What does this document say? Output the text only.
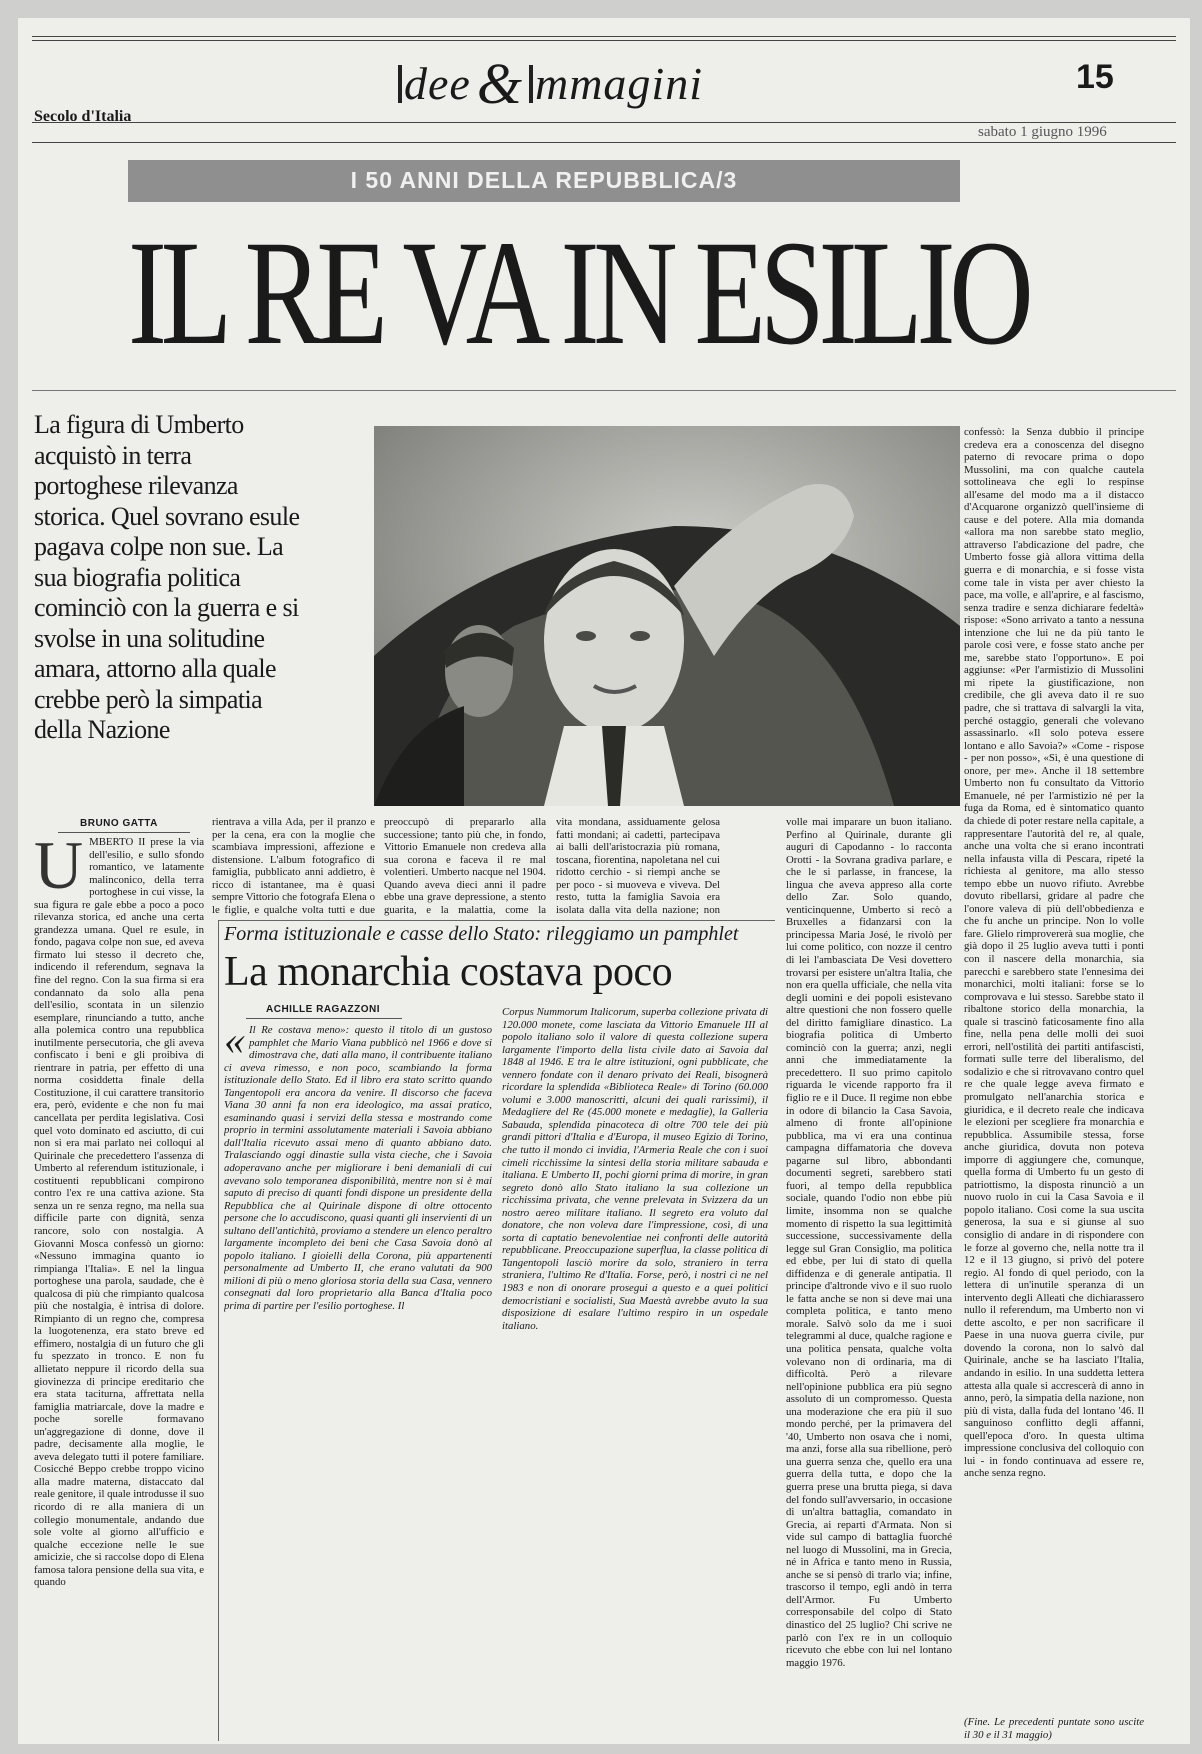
dee & mmagini	15
Secolo d'Italia
sabato 1 giugno 1996
I 50 ANNI DELLA REPUBBLICA/3
IL RE VA IN ESILIO
La figura di Umberto acquistò in terra portoghese rilevanza storica. Quel sovrano esule pagava colpe non sue. La sua biografia politica cominciò con la guerra e si svolse in una solitudine amara, attorno alla quale crebbe però la simpatia della Nazione
BRUNO GATTA
UMBERTO II prese la via dell'esilio, e sullo sfondo romantico, ve latamente malinconico, della terra portoghese in cui visse, la sua figura re gale ebbe a poco a poco rilevanza storica, ed anche una certa grandezza umana. Quel re esule, in fondo, pagava colpe non sue, ed aveva firmato lui stesso il decreto che, indicendo il referendum, segnava la fine del regno. Con la sua firma si era condannato da solo alla pena dell'esilio, scontata in un silenzio esemplare, rinunciando a tutto, anche alla polemica contro una repubblica inutilmente persecutoria, che gli aveva confiscato i beni e gli proibiva di rientrare in patria, per effetto di una norma cosiddetta finale della Costituzione, il cui carattere transitorio era, però, evidente e che non fu mai cancellata per perdita legislativa. Così quel voto dominato ed asciutto, di cui non si era mai parlato nei colloqui al Quirinale che precedettero l'assenza di Umberto al referendum istituzionale, i costituenti repubblicani compirono contro l'ex re una cattiva azione. Sta senza un re senza regno, ma nella sua difficile parte con dignità, senza rancore, solo con nostalgia. A Giovanni Mosca confessò un giorno: «Nessuno immagina quanto io rimpianga l'Italia». E nel la lingua portoghese una parola, saudade, che è qualcosa di più che rimpianto qualcosa più che nostalgia, è intrisa di dolore. Rimpianto di un regno che, compresa la luogotenenza, era stato breve ed effimero, nostalgia di un futuro che gli fu spezzato in tronco. E non fu allietato neppure il ricordo della sua giovinezza di principe ereditario che era stata taciturna, affrettata nella famiglia matriarcale, dove la madre e poche sorelle formavano un'aggregazione di donne, dove il padre, decisamente alla moglie, le aveva delegato tutti il potere familiare. Cosicché Beppo crebbe troppo vicino alla madre materna, distaccato dal reale genitore, il quale introdusse il suo ricordo di re alla maniera di un collegio monumentale, andando due sole volte al giorno all'ufficio e qualche eccezione nelle le sue amicizie, che si raccolse dopo di Elena famosa talora pensione della sua vita, e quando
rientrava a villa Ada, per il pranzo e per la cena, era con la moglie che scambiava impressioni, affezione e distensione. L'album fotografico di famiglia, pubblicato anni addietro, è ricco di istantanee, ma è quasi sempre Vittorio che fotografa Elena o le figlie, e qualche volta tutti e due
preoccupò di prepararlo alla successione; tanto più che, in fondo, Vittorio Emanuele non credeva alla sua corona e faceva il re mal volentieri. Umberto nacque nel 1904. Quando aveva dieci anni il padre ebbe una grave depressione, a stento guarita, e la malattia, come la
vita mondana, assiduamente gelosa fatti mondani; ai cadetti, partecipava ai balli dell'aristocrazia più romana, toscana, fiorentina, napoletana nel cui ridotto cerchio - si riempì anche se per poco - si muoveva e viveva. Del resto, tutta la famiglia Savoia era isolata dalla vita della nazione; non
volle mai imparare un buon italiano. Perfino al Quirinale, durante gli auguri di Capodanno - lo racconta Orotti - la Sovrana gradiva parlare, e che le si parlasse, in francese, la lingua che aveva appreso alla corte dello Zar. Solo quando, venticinquenne, Umberto si recò a Bruxelles a fidanzarsi con la principessa Maria José, le rivolò per lui come politico, con nozze il centro di lei l'ambasciata De Vesi dovettero trovarsi per esistere un'altra Italia, che non era quella ufficiale, che nella vita degli uomini e dei popoli esistevano altre questioni che non fossero quelle del diritto famigliare dinastico. La biografia politica di Umberto cominciò con la guerra; anzi, negli anni che immediatamente la precedettero. Il suo primo capitolo riguarda le vicende rapporto fra il figlio re e il Duce. Il regime non ebbe in odore di bilancio la Casa Savoia, almeno di fronte all'opinione pubblica, ma vi era una continua campagna diffamatoria che doveva pagarne sul libro, abbondanti documenti segreti, sarebbero stati fuori, al tempo della repubblica sociale, quando l'odio non ebbe più limite, insomma non se qualche momento di rispetto la sua legittimità successione, successivamente della legge sul Gran Consiglio, ma politica ed ebbe, per lui di stato di quella diffidenza e di generale antipatia. Il principe d'altronde vivo e il suo ruolo le fatta anche se non si deve mai una completa politica, e tanto meno morale. Salvò solo da me i suoi telegrammi al duce, qualche ragione e una politica pensata, qualche volta volevano non di ordinaria, ma di difficoltà. Però a rilevare nell'opinione pubblica era più segno assoluto di un compromesso. Questa una moderazione che era più il suo mondo perché, per la primavera del '40, Umberto non osava che i nomi, ma anzi, forse alla sua ribellione, però una guerra senza che, quello era una guerra della tutta, e dopo che la guerra prese una brutta piega, si dava del fondo sull'avversario, in occasione di un'altra battaglia, comandato in Grecia, ai reparti d'Armata. Non si vide sul campo di battaglia fuorché nel luogo di Mussolini, ma in Grecia, né in Africa e tanto meno in Russia, anche se si pensò di trarlo via; infine, trascorso il tempo, egli andò in terra dell'Armor. Fu Umberto corresponsabile del colpo di Stato dinastico del 25 luglio? Chi scrive ne parlò con l'ex re in un colloquio ricevuto che ebbe con lui nel lontano maggio 1976.
confessò: la Senza dubbio il principe credeva era a conoscenza del disegno paterno di revocare prima o dopo Mussolini, ma con qualche cautela sottolineava che egli lo respinse all'esame del modo ma a il distacco d'Acquarone organizzò quell'insieme di cause e del potere. Alla mia domanda «allora ma non sarebbe stato meglio, attraverso l'abdicazione del padre, che Umberto fosse già allora vittima della guerra e di monarchia, e si fosse vista come tale in vista per aver chiesto la pace, ma volle, e all'aprire, e al fascismo, senza tradire e senza dichiarare fedeltà» rispose: «Sono arrivato a tanto a nessuna intenzione che lui ne da più tanto le parole così vere, e fosse stato anche per me, sarebbe stato l'opportuno». E poi aggiunse: «Per l'armistizio di Mussolini mi ripete la giustificazione, non credibile, che gli aveva dato il re suo padre, che si trattava di salvargli la vita, perché ostaggio, generali che volevano assassinarlo. «Il solo poteva essere lontano e allo Savoia?» «Come - rispose - per non posso», «Sì, è una questione di onore, per me». Anche il 18 settembre Umberto non fu consultato da Vittorio Emanuele, né per l'armistizio né per la fuga da Roma, ed è sintomatico quanto da chiede di poter restare nella capitale, a rappresentare l'autorità del re, al quale, anche una volta che si erano incontrati nella infausta villa di Pescara, ripeté la richiesta al genitore, ma allo stesso tempo ebbe un nuovo rifiuto. Avrebbe dovuto ribellarsi, gridare al padre che l'onore valeva di più dell'obbedienza e che fu anche un principe. Non lo volle fare. Glielo rimprovererà sua moglie, che già dopo il 25 luglio aveva tutti i ponti con il nascere della monarchia, sia parecchi e sarebbero state l'ennesima dei monarchici, molti italiani: forse se lo comprovava e lui stesso. Sarebbe stato il ribaltone storico della monarchia, la quale si trascinò faticosamente fino alla fine, nella pena delle molli dei suoi errori, nell'ostilità dei partiti antifascisti, formati sulle terre del liberalismo, del sodalizio e che si ritrovavano contro quel re che quale legge aveva firmato e promulgato nell'anarchia storica e giuridica, e il decreto reale che indicava le elezioni per scegliere fra monarchia e repubblica. Assumibile stessa, forse anche giuridica, dovuta non poteva imporre di aggiungere che, comunque, quella forma di Umberto fu un gesto di patriottismo, la disposta rinunciò a un nuovo ruolo in cui la Casa Savoia e il popolo italiano. Così come la sua uscita generosa, la sua e si giunse al suo consiglio di andare in di rispondere con le forze al governo che, nella notte tra il 12 e il 13 giugno, si privò del potere regio. Al fondo di quel periodo, con la lettera di un'inutile speranza di un intervento degli Alleati che dichiarassero nullo il referendum, ma Umberto non vi dette ascolto, e per non sacrificare il Paese in una nuova guerra civile, pur dovendo la corona, non lo salvò dal Quirinale, anche se ha lasciato l'Italia, andando in esilio. In una suddetta lettera attesta alla quale si accrescerà di anno in anno, però, la simpatia della nazione, non più di vista, dalla fuda del lontano '46. Il sanguinoso conflitto degli affanni, quell'epoca d'oro. In questa ultima impressione conclusiva del colloquio con lui - in fondo continuava ad essere re, anche senza regno.
(Fine. Le precedenti puntate sono uscite il 30 e il 31 maggio)
Forma istituzionale e casse dello Stato: rileggiamo un pamphlet
La monarchia costava poco
ACHILLE RAGAZZONI
« Il Re costava meno»: questo il titolo di un gustoso pamphlet che Mario Viana pubblicò nel 1966 e dove si dimostrava che, dati alla mano, il contribuente italiano ci aveva rimesso, e non poco, scambiando la forma istituzionale dello Stato. Ed il libro era stato scritto quando Tangentopoli era ancora da venire. Il discorso che faceva Viana 30 anni fa non era ideologico, ma assai pratico, esaminando quasi i servizi della stessa e mostrando come proprio in termini assolutamente materiali i Savoia abbiano dall'Italia ricevuto assai meno di quanto abbiano dato. Tralasciando oggi dinastie sulla vista cieche, che i Savoia adoperavano anche per migliorare i beni demaniali di cui avevano solo temporanea disponibilità, mentre non si è mai saputo di preciso di quanti fondi dispone un presidente della Repubblica che al Quirinale dispone di oltre ottocento persone che lo accudiscono, quasi quanti gli inservienti di un sultano dell'antichità, proviamo a stendere un elenco peraltro largamente incompleto dei beni che Casa Savoia donò al popolo italiano. I gioielli della Corona, più appartenenti personalmente ad Umberto II, che erano valutati da 900 milioni di più o meno gloriosa storia della sua Casa, vennero consegnati dal loro proprietario alla Banca d'Italia poco prima di partire per l'esilio portoghese. Il
Corpus Nummorum Italicorum, superba collezione privata di 120.000 monete, come lasciata da Vittorio Emanuele III al popolo italiano solo il valore di questa collezione supera largamente l'importo della lista civile dato ai Savoia dal 1848 al 1946. E tra le altre istituzioni, ogni pubblicate, che vennero fondate con il denaro privato dei Reali, bisognerà ricordare la splendida «Biblioteca Reale» di Torino (60.000 volumi e 3.000 manoscritti, alcuni dei quali rarissimi), il Medagliere del Re (45.000 monete e medaglie), la Galleria Sabauda, splendida pinacoteca di oltre 700 tele dei più grandi pittori d'Italia e d'Europa, il museo Egizio di Torino, che tutto il mondo ci invidia, l'Armeria Reale che con i suoi cimeli ricchissime la sintesi della storia militare sabauda e italiana. E Umberto II, pochi giorni prima di morire, in gran segreto donò allo Stato italiano la sua collezione un ricchissima privata, che venne prelevata in Svizzera da un nostro aereo militare italiano. Il segreto era voluto dal donatore, che non voleva dare l'impressione, così, di una sorta di captatio benevolentiae nei confronti delle autorità repubblicane. Preoccupazione superflua, la classe politica di Tangentopoli lasciò morire da solo, straniero in terra straniera, l'ultimo Re d'Italia. Forse, però, i nostri ci ne nel 1983 e non di onorare prosegui a questo e a quei politici democristiani e socialisti, Sua Maestà avrebbe avuto la sua disposizione di esalare l'ultimo respiro in un ospedale italiano.
